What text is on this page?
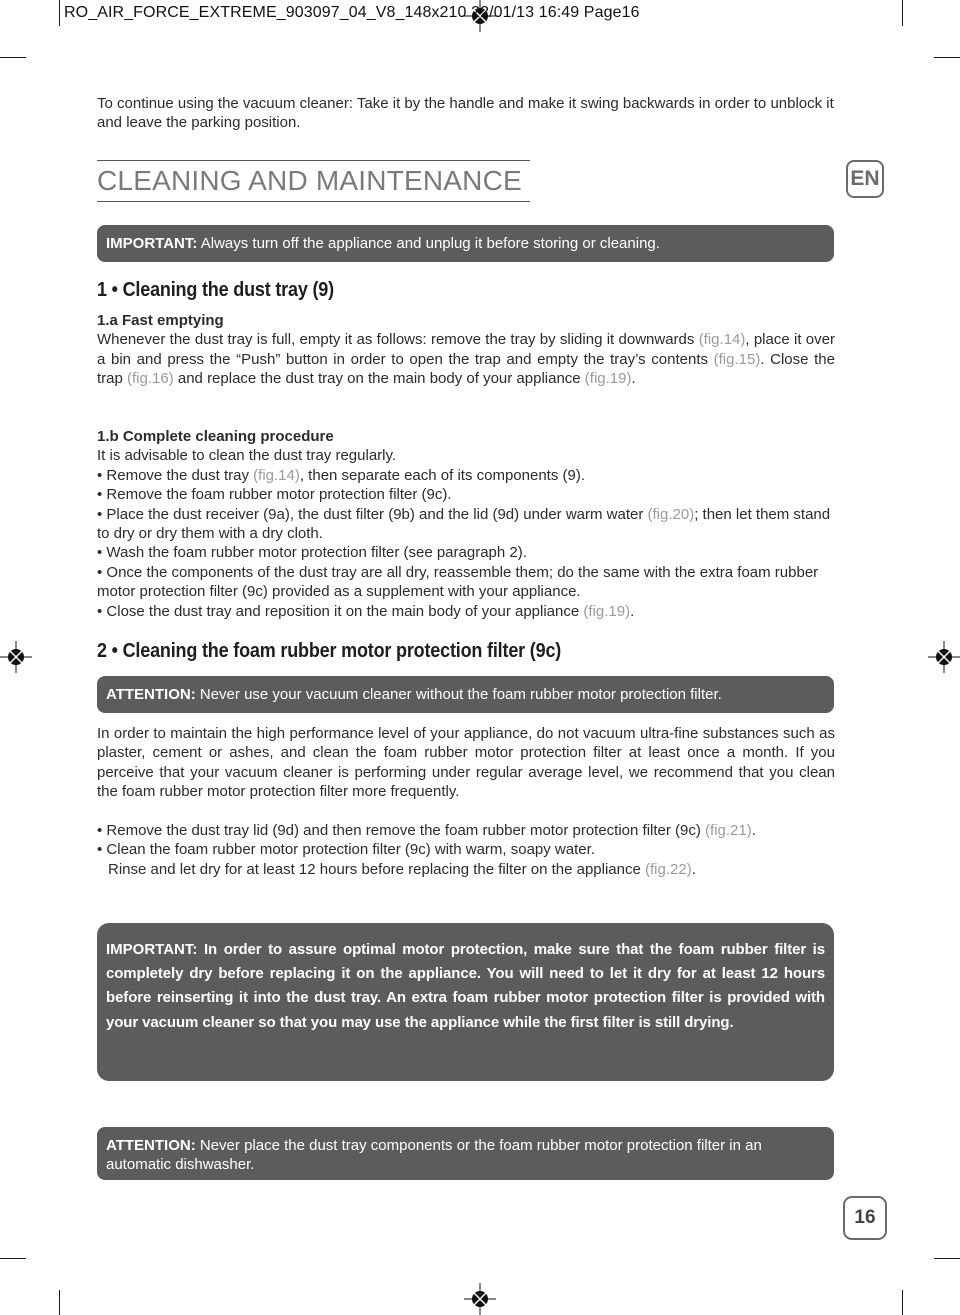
RO_AIR_FORCE_EXTREME_903097_04_V8_148x210 22/01/13 16:49 Page16

To continue using the vacuum cleaner: Take it by the handle and make it swing backwards in order to unblock it and leave the parking position.

CLEANING AND MAINTENANCE	EN
IMPORTANT: Always turn off the appliance and unplug it before storing or cleaning.
1 • Cleaning the dust tray (9)

1.a Fast emptying

Whenever the dust tray is full, empty it as follows: remove the tray by sliding it downwards (fig.14), place it over a bin and press the “Push” button in order to open the trap and empty the tray’s contents (fig.15). Close the trap (fig.16) and replace the dust tray on the main body of your appliance (fig.19).

1.b Complete cleaning procedure

It is advisable to clean the dust tray regularly.

• Remove the dust tray (fig.14), then separate each of its components (9).

• Remove the foam rubber motor protection filter (9c).

• Place the dust receiver (9a), the dust filter (9b) and the lid (9d) under warm water (fig.20); then let them stand to dry or dry them with a dry cloth.

• Wash the foam rubber motor protection filter (see paragraph 2).

• Once the components of the dust tray are all dry, reassemble them; do the same with the extra foam rubber motor protection filter (9c) provided as a supplement with your appliance.

• Close the dust tray and reposition it on the main body of your appliance (fig.19).

2 • Cleaning the foam rubber motor protection filter (9c)
ATTENTION: Never use your vacuum cleaner without the foam rubber motor protection filter.

In order to maintain the high performance level of your appliance, do not vacuum ultra-fine substances such as plaster, cement or ashes, and clean the foam rubber motor protection filter at least once a month. If you perceive that your vacuum cleaner is performing under regular average level, we recommend that you clean the foam rubber motor protection filter more frequently.

• Remove the dust tray lid (9d) and then remove the foam rubber motor protection filter (9c) (fig.21).

• Clean the foam rubber motor protection filter (9c) with warm, soapy water.

Rinse and let dry for at least 12 hours before replacing the filter on the appliance (fig.22).

IMPORTANT: In order to assure optimal motor protection, make sure that the foam rubber filter is completely dry before replacing it on the appliance. You will need to let it dry for at least 12 hours before reinserting it into the dust tray. An extra foam rubber motor protection filter is provided with your vacuum cleaner so that you may use the appliance while the first filter is still drying.
ATTENTION: Never place the dust tray components or the foam rubber motor protection filter in an automatic dishwasher.
16
